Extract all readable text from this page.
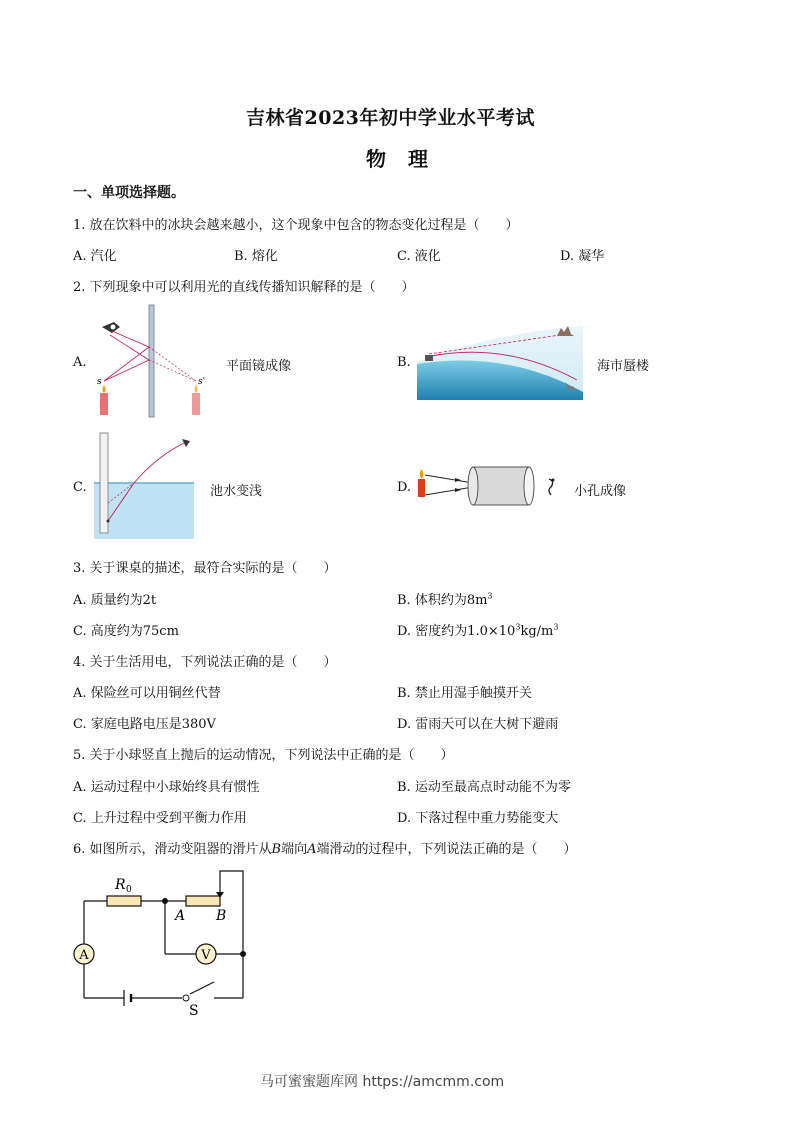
吉林省2023年初中学业水平考试
物理
一、单项选择题。
1. 放在饮料中的冰块会越来越小，这个现象中包含的物态变化过程是（　　）
A. 汽化	B. 熔化	C. 液化	D. 凝华
2. 下列现象中可以利用光的直线传播知识解释的是（　　）
A.
s	s'
平面镜成像	B.	海市蜃楼
C.	池水变浅	D.	小孔成像
3. 关于课桌的描述，最符合实际的是（　　）
A. 质量约为2t	B. 体积约为$8m^3$
C. 高度约为75cm	D. 密度约为$1.0\times 10^3kg/m^3$
4. 关于生活用电，下列说法正确的是（　　）
A. 保险丝可以用铜丝代替	B. 禁止用湿手触摸开关
C. 家庭电路电压是380V	D. 雷雨天可以在大树下避雨
5. 关于小球竖直上抛后的运动情况，下列说法中正确的是（　　）
A. 运动过程中小球始终具有惯性	B. 运动至最高点时动能不为零
C. 上升过程中受到平衡力作用	D. 下落过程中重力势能变大
6. 如图所示，滑动变阻器的滑片从B端向A端滑动的过程中，下列说法正确的是（　　）
A	V
R 0
A B
S
马可蜜蜜题库网 https://amcmm.com
